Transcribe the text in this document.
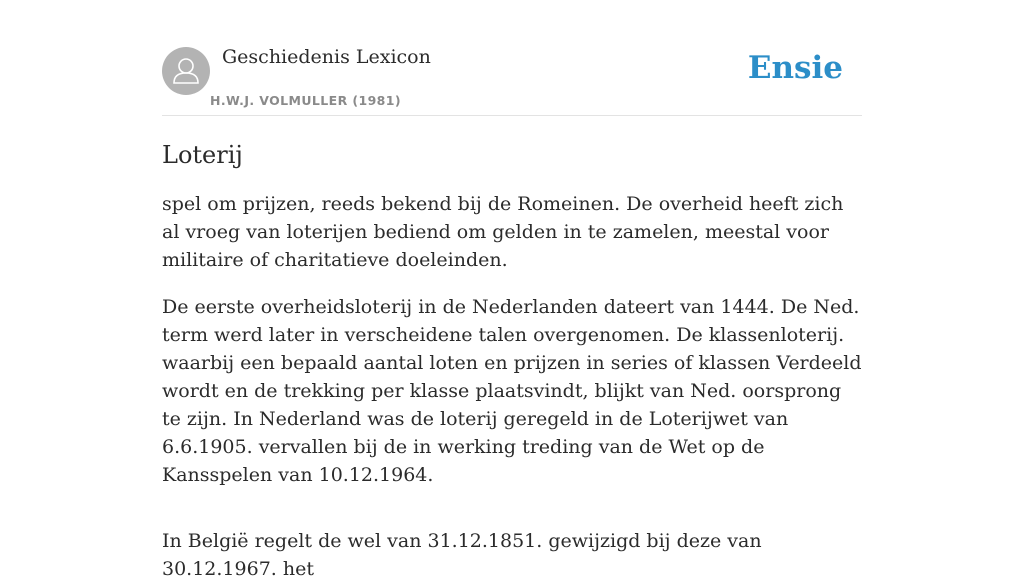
Geschiedenis Lexicon
H.W.J. VOLMULLER (1981)
Ensie
Loterij

spel om prijzen, reeds bekend bij de Romeinen. De overheid heeft zich al vroeg van loterijen bediend om gelden in te zamelen, meestal voor militaire of charitatieve doeleinden.

De eerste overheidsloterij in de Nederlanden dateert van 1444. De Ned. term werd later in verscheidene talen overgenomen. De klassenloterij. waarbij een bepaald aantal loten en prijzen in series of klassen Verdeeld wordt en de trekking per klasse plaatsvindt, blijkt van Ned. oorsprong te zijn. In Nederland was de loterij geregeld in de Loterijwet van 6.6.1905. vervallen bij de in werking treding van de Wet op de Kansspelen van 10.12.1964.

In België regelt de wel van 31.12.1851. gewijzigd bij deze van 30.12.1967. het
